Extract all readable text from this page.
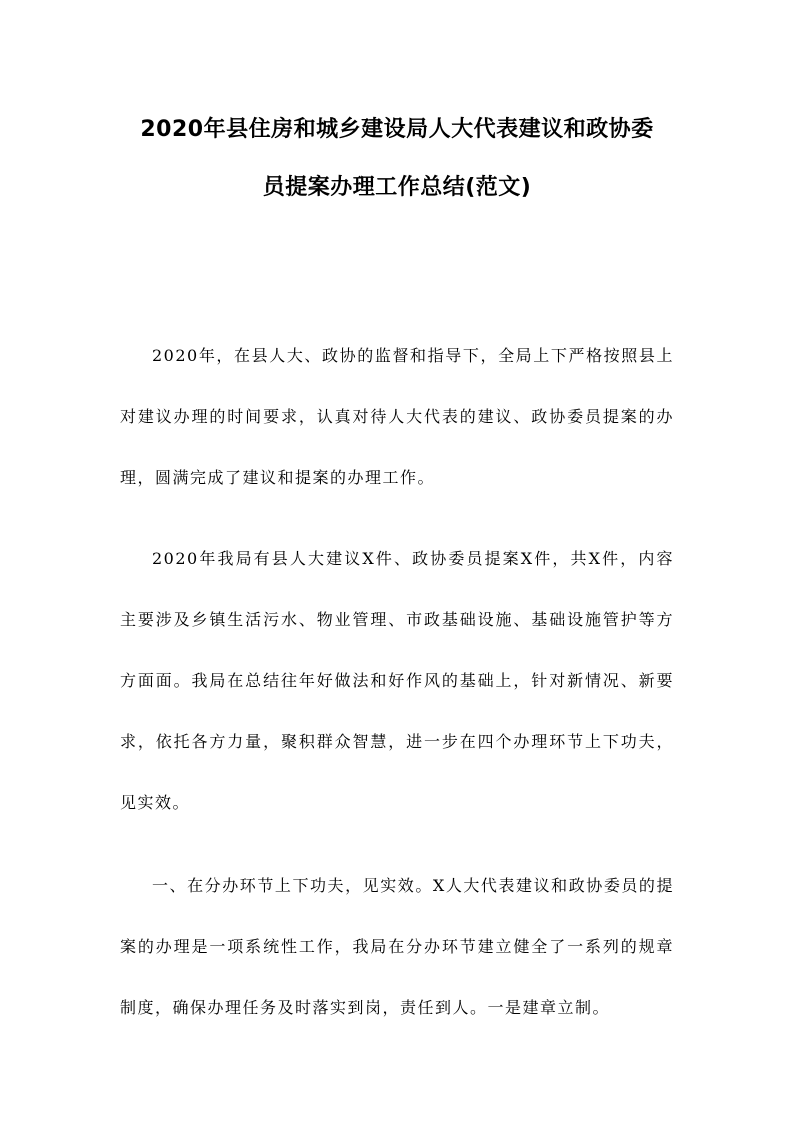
2020年县住房和城乡建设局人大代表建议和政协委
员提案办理工作总结(范文)

2020年，在县人大、政协的监督和指导下，全局上下严格按照县上对建议办理的时间要求，认真对待人大代表的建议、政协委员提案的办理，圆满完成了建议和提案的办理工作。

2020年我局有县人大建议X件、政协委员提案X件，共X件，内容主要涉及乡镇生活污水、物业管理、市政基础设施、基础设施管护等方方面面。我局在总结往年好做法和好作风的基础上，针对新情况、新要求，依托各方力量，聚积群众智慧，进一步在四个办理环节上下功夫，见实效。

一、在分办环节上下功夫，见实效。X人大代表建议和政协委员的提案的办理是一项系统性工作，我局在分办环节建立健全了一系列的规章制度，确保办理任务及时落实到岗，责任到人。一是建章立制。
